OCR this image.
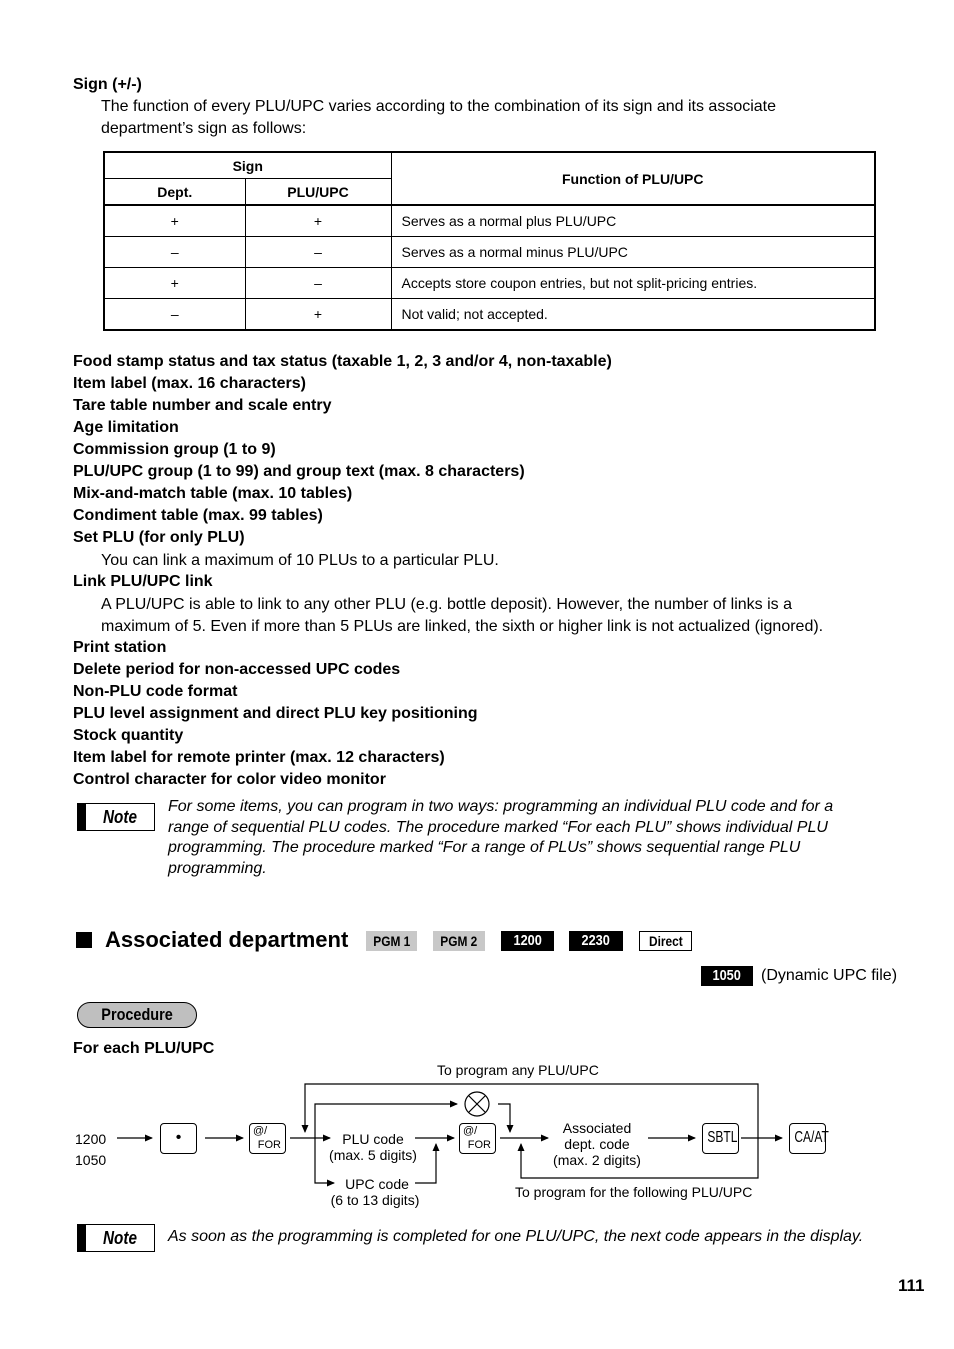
Sign (+/-)
The function of every PLU/UPC varies according to the combination of its sign and its associate
department’s sign as follows:
Sign		Function of PLU/UPC
Dept.	PLU/UPC	
+	+	Serves as a normal plus PLU/UPC
–	–	Serves as a normal minus PLU/UPC
+	–	Accepts store coupon entries, but not split-pricing entries.
–	+	Not valid; not accepted.
Food stamp status and tax status (taxable 1, 2, 3 and/or 4, non-taxable)
Item label (max. 16 characters)
Tare table number and scale entry
Age limitation
Commission group (1 to 9)
PLU/UPC group (1 to 99) and group text (max. 8 characters)
Mix-and-match table (max. 10 tables)
Condiment table (max. 99 tables)
Set PLU (for only PLU)
You can link a maximum of 10 PLUs to a particular PLU.
Link PLU/UPC link
A PLU/UPC is able to link to any other PLU (e.g. bottle deposit). However, the number of links is a
maximum of 5. Even if more than 5 PLUs are linked, the sixth or higher link is not actualized (ignored).
Print station
Delete period for non-accessed UPC codes
Non-PLU code format
PLU level assignment and direct PLU key positioning
Stock quantity
Item label for remote printer (max. 12 characters)
Control character for color video monitor
Note
For some items, you can program in two ways: programming an individual PLU code and for a
range of sequential PLU codes. The procedure marked “For each PLU” shows individual PLU
programming. The procedure marked “For a range of PLUs” shows sequential range PLU
programming.
Associated department	PGM 1	PGM 2	1200	2230	Direct
1050	(Dynamic UPC file)
Procedure
For each PLU/UPC
To program any PLU/UPC
1200
1050
•	@/
FOR	PLU code
(max. 5 digits)
UPC code
(6 to 13 digits)
@/
FOR
Associated
dept. code
(max. 2 digits)
SBTL	CA/AT
To program for the following PLU/UPC
Note	As soon as the programming is completed for one PLU/UPC, the next code appears in the display.
111
